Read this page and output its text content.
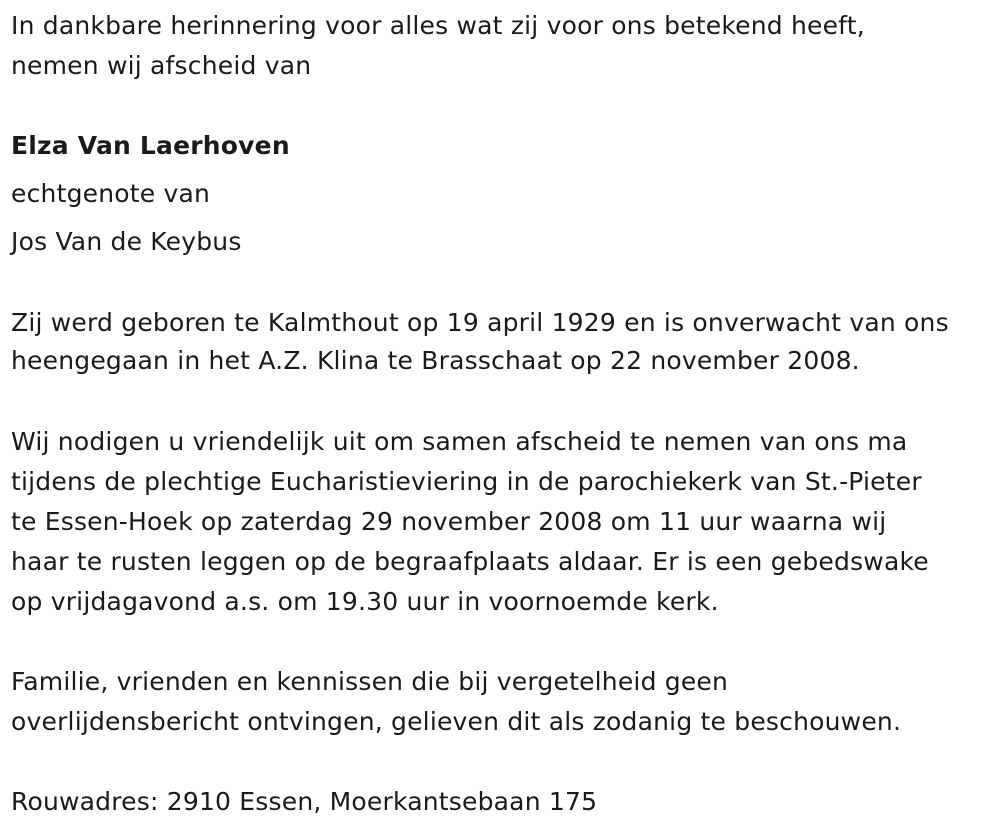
In dankbare herinnering voor alles wat zij voor ons betekend heeft,
nemen wij afscheid van
Elza Van Laerhoven
echtgenote van
Jos Van de Keybus
Zij werd geboren te Kalmthout op 19 april 1929 en is onverwacht van ons
heengegaan in het A.Z. Klina te Brasschaat op 22 november 2008.
Wij nodigen u vriendelijk uit om samen afscheid te nemen van ons ma
tijdens de plechtige Eucharistieviering in de parochiekerk van St.-Pieter
te Essen-Hoek op zaterdag 29 november 2008 om 11 uur waarna wij
haar te rusten leggen op de begraafplaats aldaar. Er is een gebedswake
op vrijdagavond a.s. om 19.30 uur in voornoemde kerk.
Familie, vrienden en kennissen die bij vergetelheid geen
overlijdensbericht ontvingen, gelieven dit als zodanig te beschouwen.
Rouwadres: 2910 Essen, Moerkantsebaan 175
